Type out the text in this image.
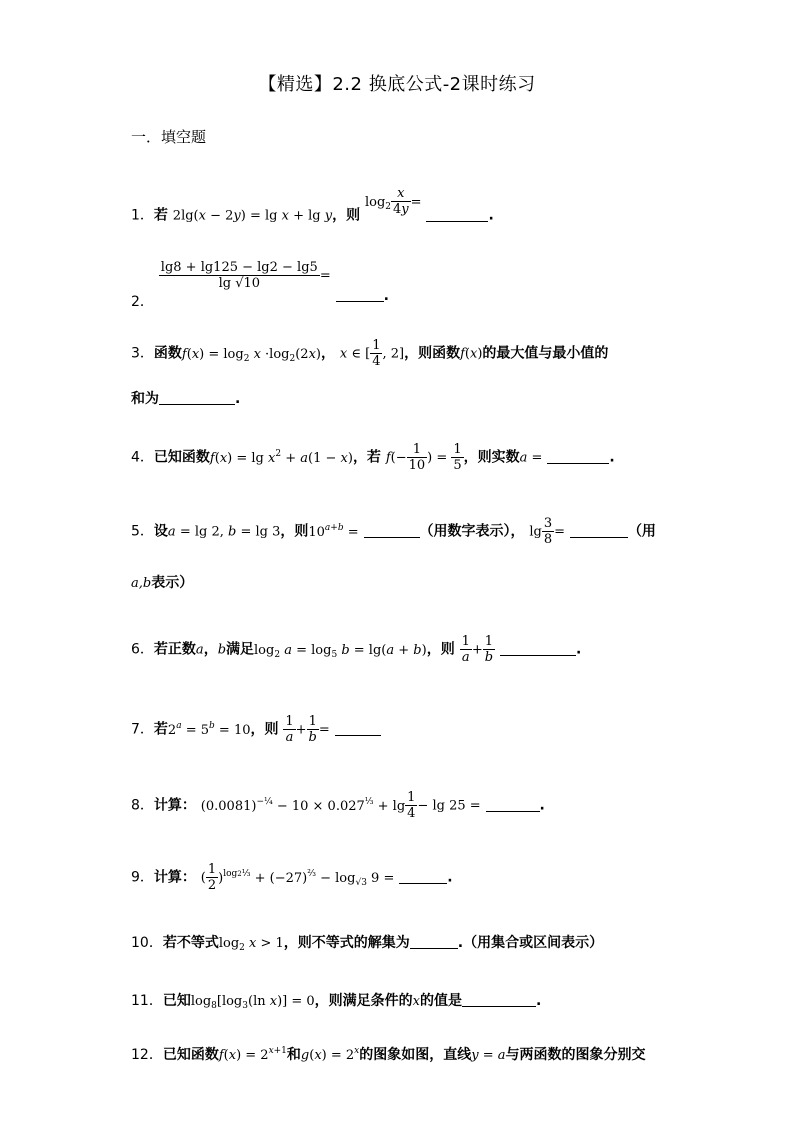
【精选】2.2 换底公式-2课时练习
一．填空题
1．若 2lg(x − 2y) = lg x + lg y，则 $\log_2 \frac{x}{4y}$ = .
2．
$\frac{\lg 8 + \lg 125 - \lg 2 - \lg 5}{\lg √10}$ = .
3．函数$f(x) = \log_2 x \cdot\log_2(2x)$， x ∈ [ $\frac{1}{4}$ , 2]，则函数f(x)的最大值与最小值的
和为	.
4．已知函数$f(x) = \lg x^2 + a(1 - x)$，若 $f(- \frac{1}{10}$ ) = $\frac{1}{5}$ ，则实数a =	.
5．设a = lg 2, b = lg 3，则$10^{a+b}$ =	（用数字表示）， $\lg \frac{3}{8}$ =	（用
a,b表示）
6．若正数a，b满足$\log_2 a = \log_5 b = \lg(a + b)$，则 $\frac{1}{a} + \frac{1}{b}$	.
7．若$2^a = 5^b = 10$，则 $\frac{1}{a} + \frac{1}{b}$ =
8．计算： $(0.0081)^{-\frac{1}{4}} - 10 \times 0.027^{\frac{1}{3}} + \lg \frac{1}{4} - \lg 25$ =	.
9．计算： ( $\frac{1}{2} )^{log2\frac{1}{3}} + (-27)^{\frac{2}{3}} - \log_{√3} 9$ =	.
10．若不等式$\log_2 x > 1$，则不等式的解集为	.（用集合或区间表示）
11．已知$\log_8[\log_3(\ln$ x)] = 0，则满足条件的x的值是	.
12．已知函数$f(x) = 2^{x+1}$和$g(x) = 2^x$的图象如图，直线y = a与两函数的图象分别交
